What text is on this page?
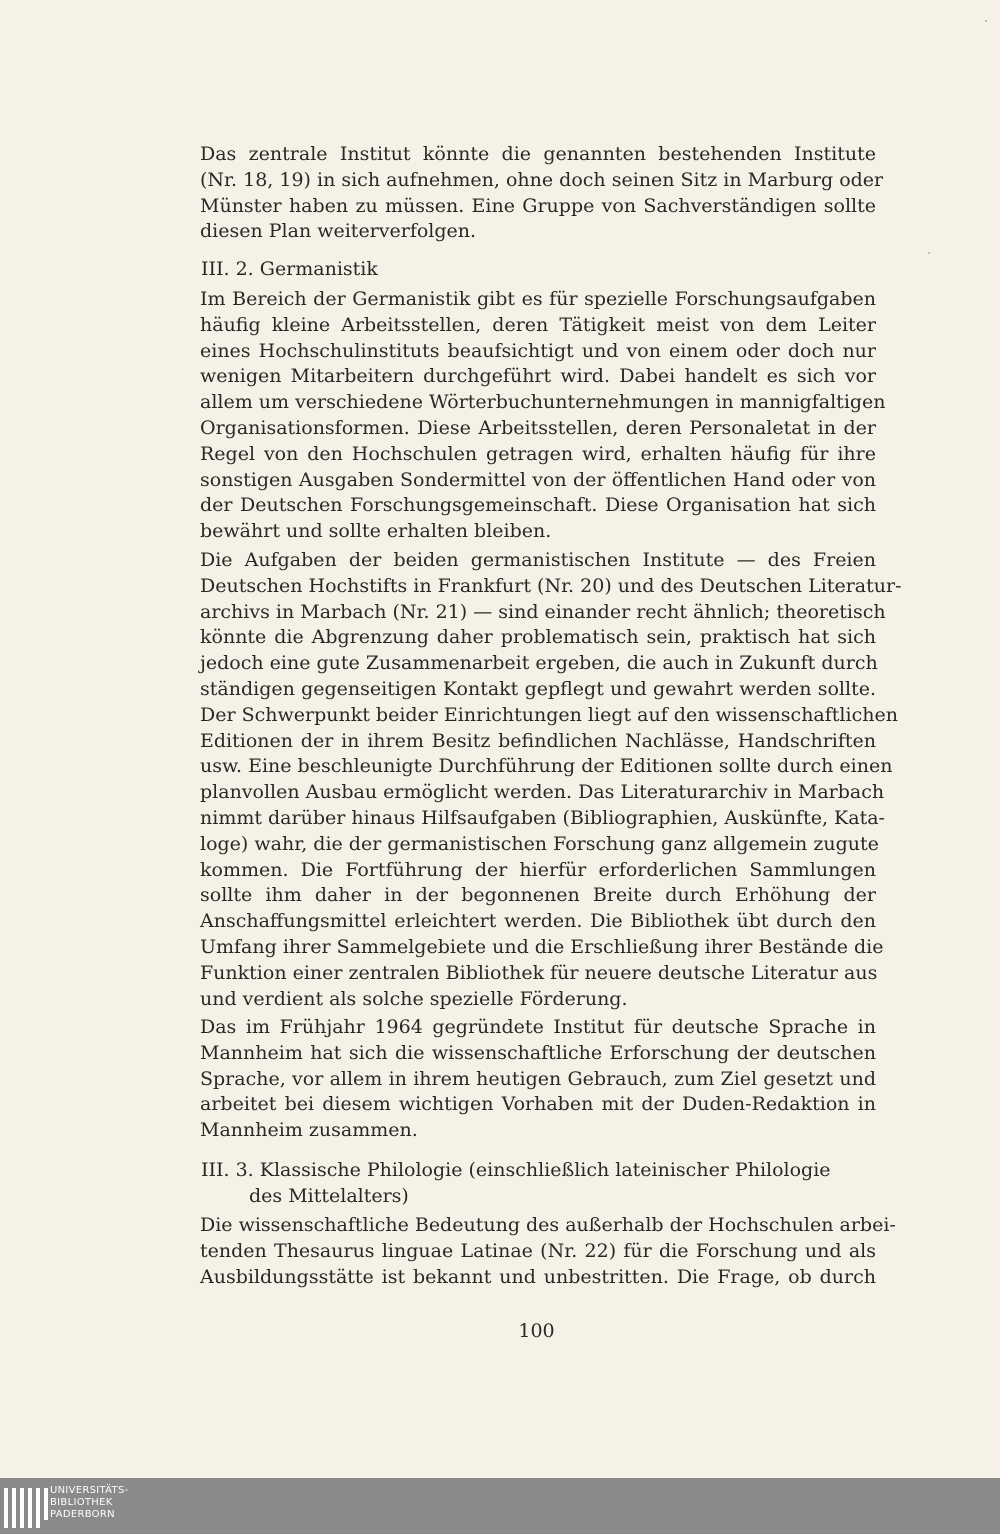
Das zentrale Institut könnte die genannten bestehenden Institute
(Nr. 18, 19) in sich aufnehmen, ohne doch seinen Sitz in Marburg oder
Münster haben zu müssen. Eine Gruppe von Sachverständigen sollte
diesen Plan weiterverfolgen.
III. 2. Germanistik
Im Bereich der Germanistik gibt es für spezielle Forschungsaufgaben
häufig kleine Arbeitsstellen, deren Tätigkeit meist von dem Leiter
eines Hochschulinstituts beaufsichtigt und von einem oder doch nur
wenigen Mitarbeitern durchgeführt wird. Dabei handelt es sich vor
allem um verschiedene Wörterbuchunternehmungen in mannigfaltigen
Organisationsformen. Diese Arbeitsstellen, deren Personaletat in der
Regel von den Hochschulen getragen wird, erhalten häufig für ihre
sonstigen Ausgaben Sondermittel von der öffentlichen Hand oder von
der Deutschen Forschungsgemeinschaft. Diese Organisation hat sich
bewährt und sollte erhalten bleiben.
Die Aufgaben der beiden germanistischen Institute — des Freien
Deutschen Hochstifts in Frankfurt (Nr. 20) und des Deutschen Literatur-
archivs in Marbach (Nr. 21) — sind einander recht ähnlich; theoretisch
könnte die Abgrenzung daher problematisch sein, praktisch hat sich
jedoch eine gute Zusammenarbeit ergeben, die auch in Zukunft durch
ständigen gegenseitigen Kontakt gepflegt und gewahrt werden sollte.
Der Schwerpunkt beider Einrichtungen liegt auf den wissenschaftlichen
Editionen der in ihrem Besitz befindlichen Nachlässe, Handschriften
usw. Eine beschleunigte Durchführung der Editionen sollte durch einen
planvollen Ausbau ermöglicht werden. Das Literaturarchiv in Marbach
nimmt darüber hinaus Hilfsaufgaben (Bibliographien, Auskünfte, Kata-
loge) wahr, die der germanistischen Forschung ganz allgemein zugute
kommen. Die Fortführung der hierfür erforderlichen Sammlungen
sollte ihm daher in der begonnenen Breite durch Erhöhung der
Anschaffungsmittel erleichtert werden. Die Bibliothek übt durch den
Umfang ihrer Sammelgebiete und die Erschließung ihrer Bestände die
Funktion einer zentralen Bibliothek für neuere deutsche Literatur aus
und verdient als solche spezielle Förderung.
Das im Frühjahr 1964 gegründete Institut für deutsche Sprache in
Mannheim hat sich die wissenschaftliche Erforschung der deutschen
Sprache, vor allem in ihrem heutigen Gebrauch, zum Ziel gesetzt und
arbeitet bei diesem wichtigen Vorhaben mit der Duden-Redaktion in
Mannheim zusammen.
III. 3. Klassische Philologie (einschließlich lateinischer Philologie
des Mittelalters)
Die wissenschaftliche Bedeutung des außerhalb der Hochschulen arbei-
tenden Thesaurus linguae Latinae (Nr. 22) für die Forschung und als
Ausbildungsstätte ist bekannt und unbestritten. Die Frage, ob durch
100
UNIVERSITÄTS-
BIBLIOTHEK
PADERBORN
